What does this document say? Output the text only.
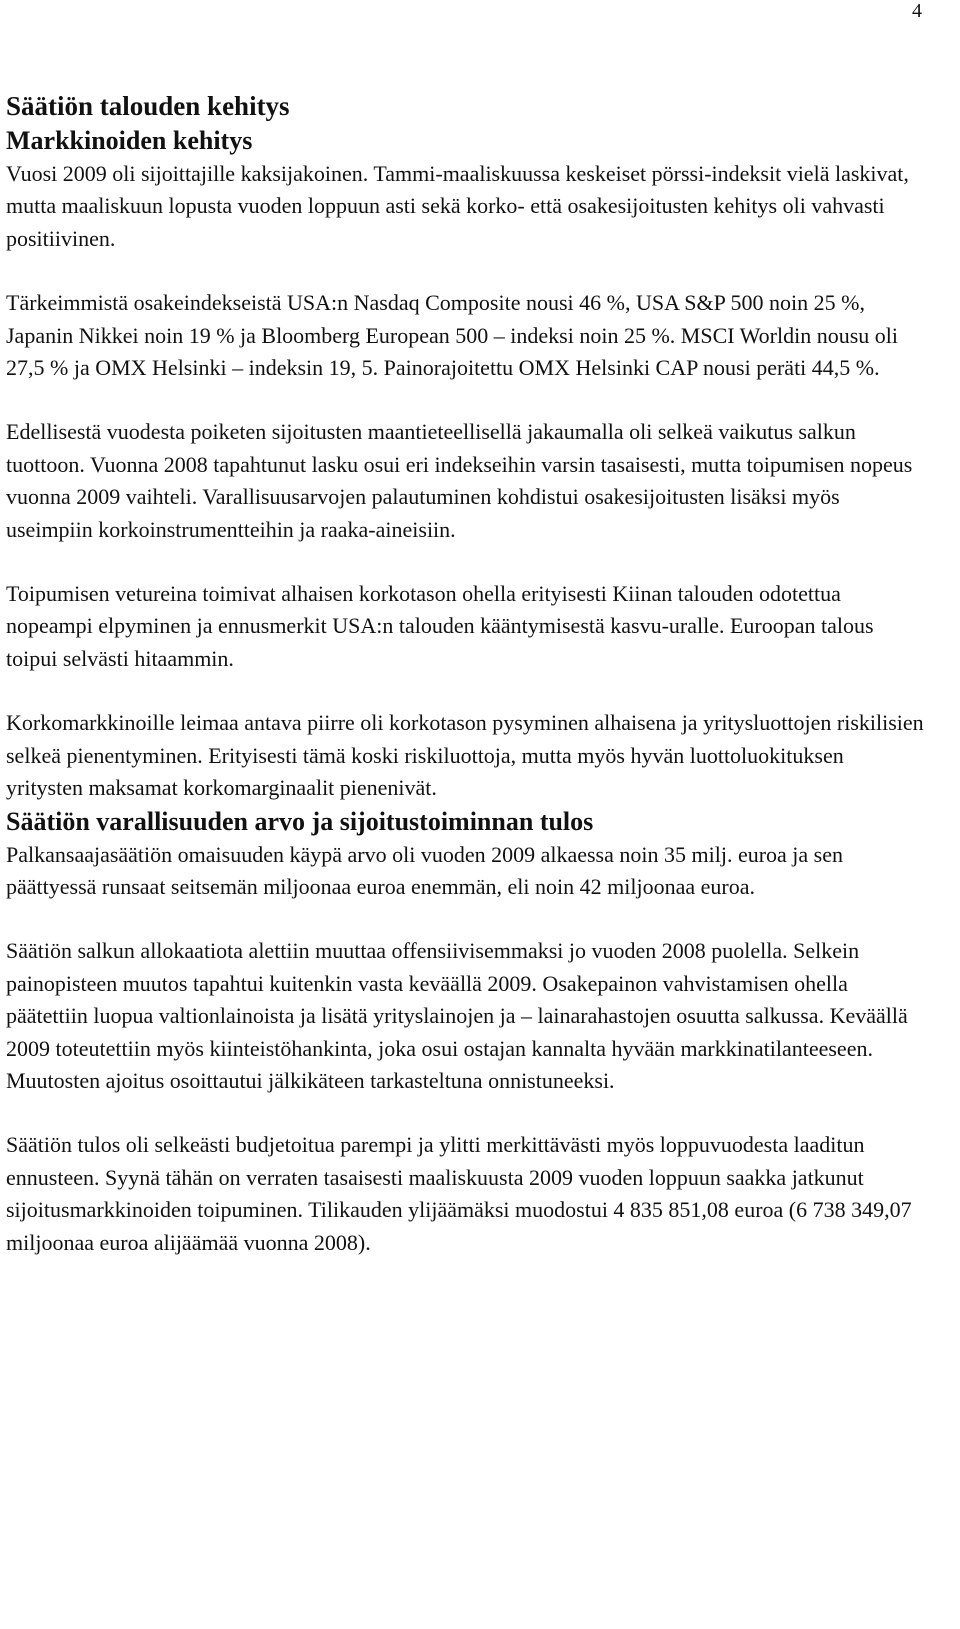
4
Säätiön talouden kehitys
Markkinoiden kehitys

Vuosi 2009 oli sijoittajille kaksijakoinen. Tammi-maaliskuussa keskeiset pörssi-indeksit vielä laskivat, mutta maaliskuun lopusta vuoden loppuun asti sekä korko- että osakesijoitusten kehitys oli vahvasti positiivinen.

Tärkeimmistä osakeindekseistä USA:n Nasdaq Composite nousi 46 %, USA S&P 500 noin 25 %, Japanin Nikkei noin 19 % ja Bloomberg European 500 – indeksi noin 25 %. MSCI Worldin nousu oli 27,5 % ja OMX Helsinki – indeksin 19, 5. Painorajoitettu OMX Helsinki CAP nousi peräti 44,5 %.

Edellisestä vuodesta poiketen sijoitusten maantieteellisellä jakaumalla oli selkeä vaikutus salkun tuottoon. Vuonna 2008 tapahtunut lasku osui eri indekseihin varsin tasaisesti, mutta toipumisen nopeus vuonna 2009 vaihteli. Varallisuusarvojen palautuminen kohdistui osakesijoitusten lisäksi myös useimpiin korkoinstrumentteihin ja raaka-aineisiin.

Toipumisen vetureina toimivat alhaisen korkotason ohella erityisesti Kiinan talouden odotettua nopeampi elpyminen ja ennusmerkit USA:n talouden kääntymisestä kasvu-uralle. Euroopan talous toipui selvästi hitaammin.

Korkomarkkinoille leimaa antava piirre oli korkotason pysyminen alhaisena ja yritysluottojen riskilisien selkeä pienentyminen. Erityisesti tämä koski riskiluottoja, mutta myös hyvän luottoluokituksen yritysten maksamat korkomarginaalit pienenivät.

Säätiön varallisuuden arvo ja sijoitustoiminnan tulos

Palkansaajasäätiön omaisuuden käypä arvo oli vuoden 2009 alkaessa noin 35 milj. euroa ja sen päättyessä runsaat seitsemän miljoonaa euroa enemmän, eli noin 42 miljoonaa euroa.

Säätiön salkun allokaatiota alettiin muuttaa offensiivisemmaksi jo vuoden 2008 puolella. Selkein painopisteen muutos tapahtui kuitenkin vasta keväällä 2009. Osakepainon vahvistamisen ohella päätettiin luopua valtionlainoista ja lisätä yrityslainojen ja – lainarahastojen osuutta salkussa. Keväällä 2009 toteutettiin myös kiinteistöhankinta, joka osui ostajan kannalta hyvään markkinatilanteeseen. Muutosten ajoitus osoittautui jälkikäteen tarkasteltuna onnistuneeksi.

Säätiön tulos oli selkeästi budjetoitua parempi ja ylitti merkittävästi myös loppuvuodesta laaditun ennusteen. Syynä tähän on verraten tasaisesti maaliskuusta 2009 vuoden loppuun saakka jatkunut sijoitusmarkkinoiden toipuminen. Tilikauden ylijäämäksi muodostui 4 835 851,08 euroa (6 738 349,07 miljoonaa euroa alijäämää vuonna 2008).
